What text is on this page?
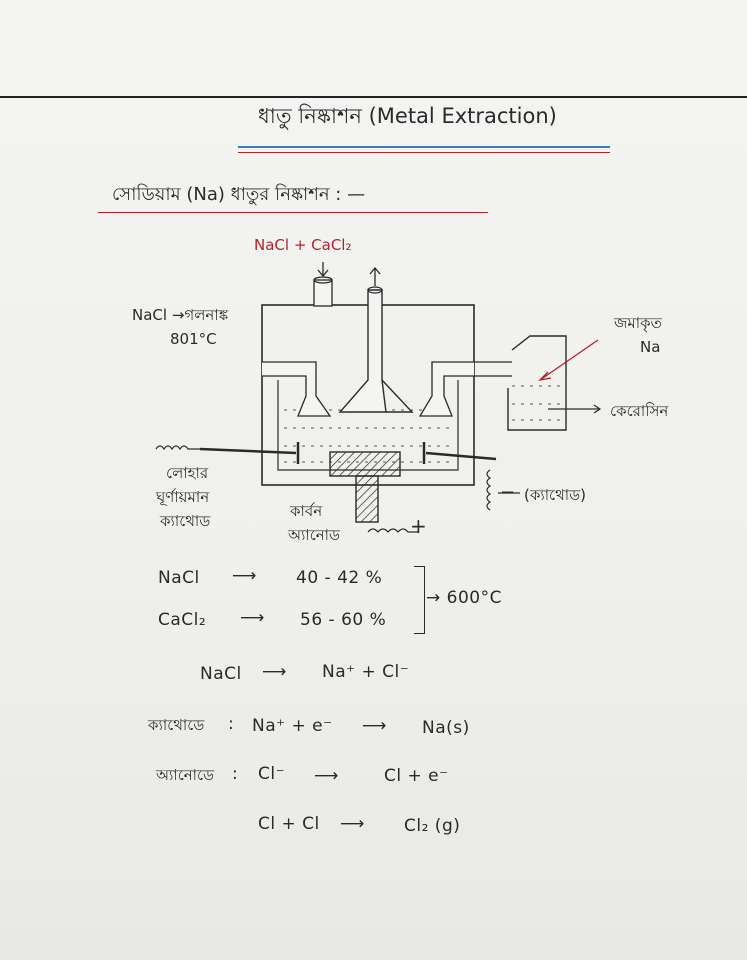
ধাতু নিষ্কাশন (Metal Extraction)
সোডিয়াম (Na) ধাতুর নিষ্কাশন : —
NaCl + CaCl₂
NaCl →গলনাঙ্ক
801°C
জমাকৃত
Na
কেরোসিন
লোহার
ঘূর্ণায়মান
ক্যাথোড
কার্বন
অ্যানোড
(ক্যাথোড)
+
−
NaCl ⟶ 40 - 42 %
CaCl₂ ⟶ 56 - 60 %
→ 600°C
NaCl ⟶ Na⁺ + Cl⁻
ক্যাথোডে : Na⁺ + e⁻ ⟶ Na(s)
অ্যানোডে : Cl⁻ ⟶	Cl + e⁻
Cl + Cl ⟶ Cl₂ (g)
